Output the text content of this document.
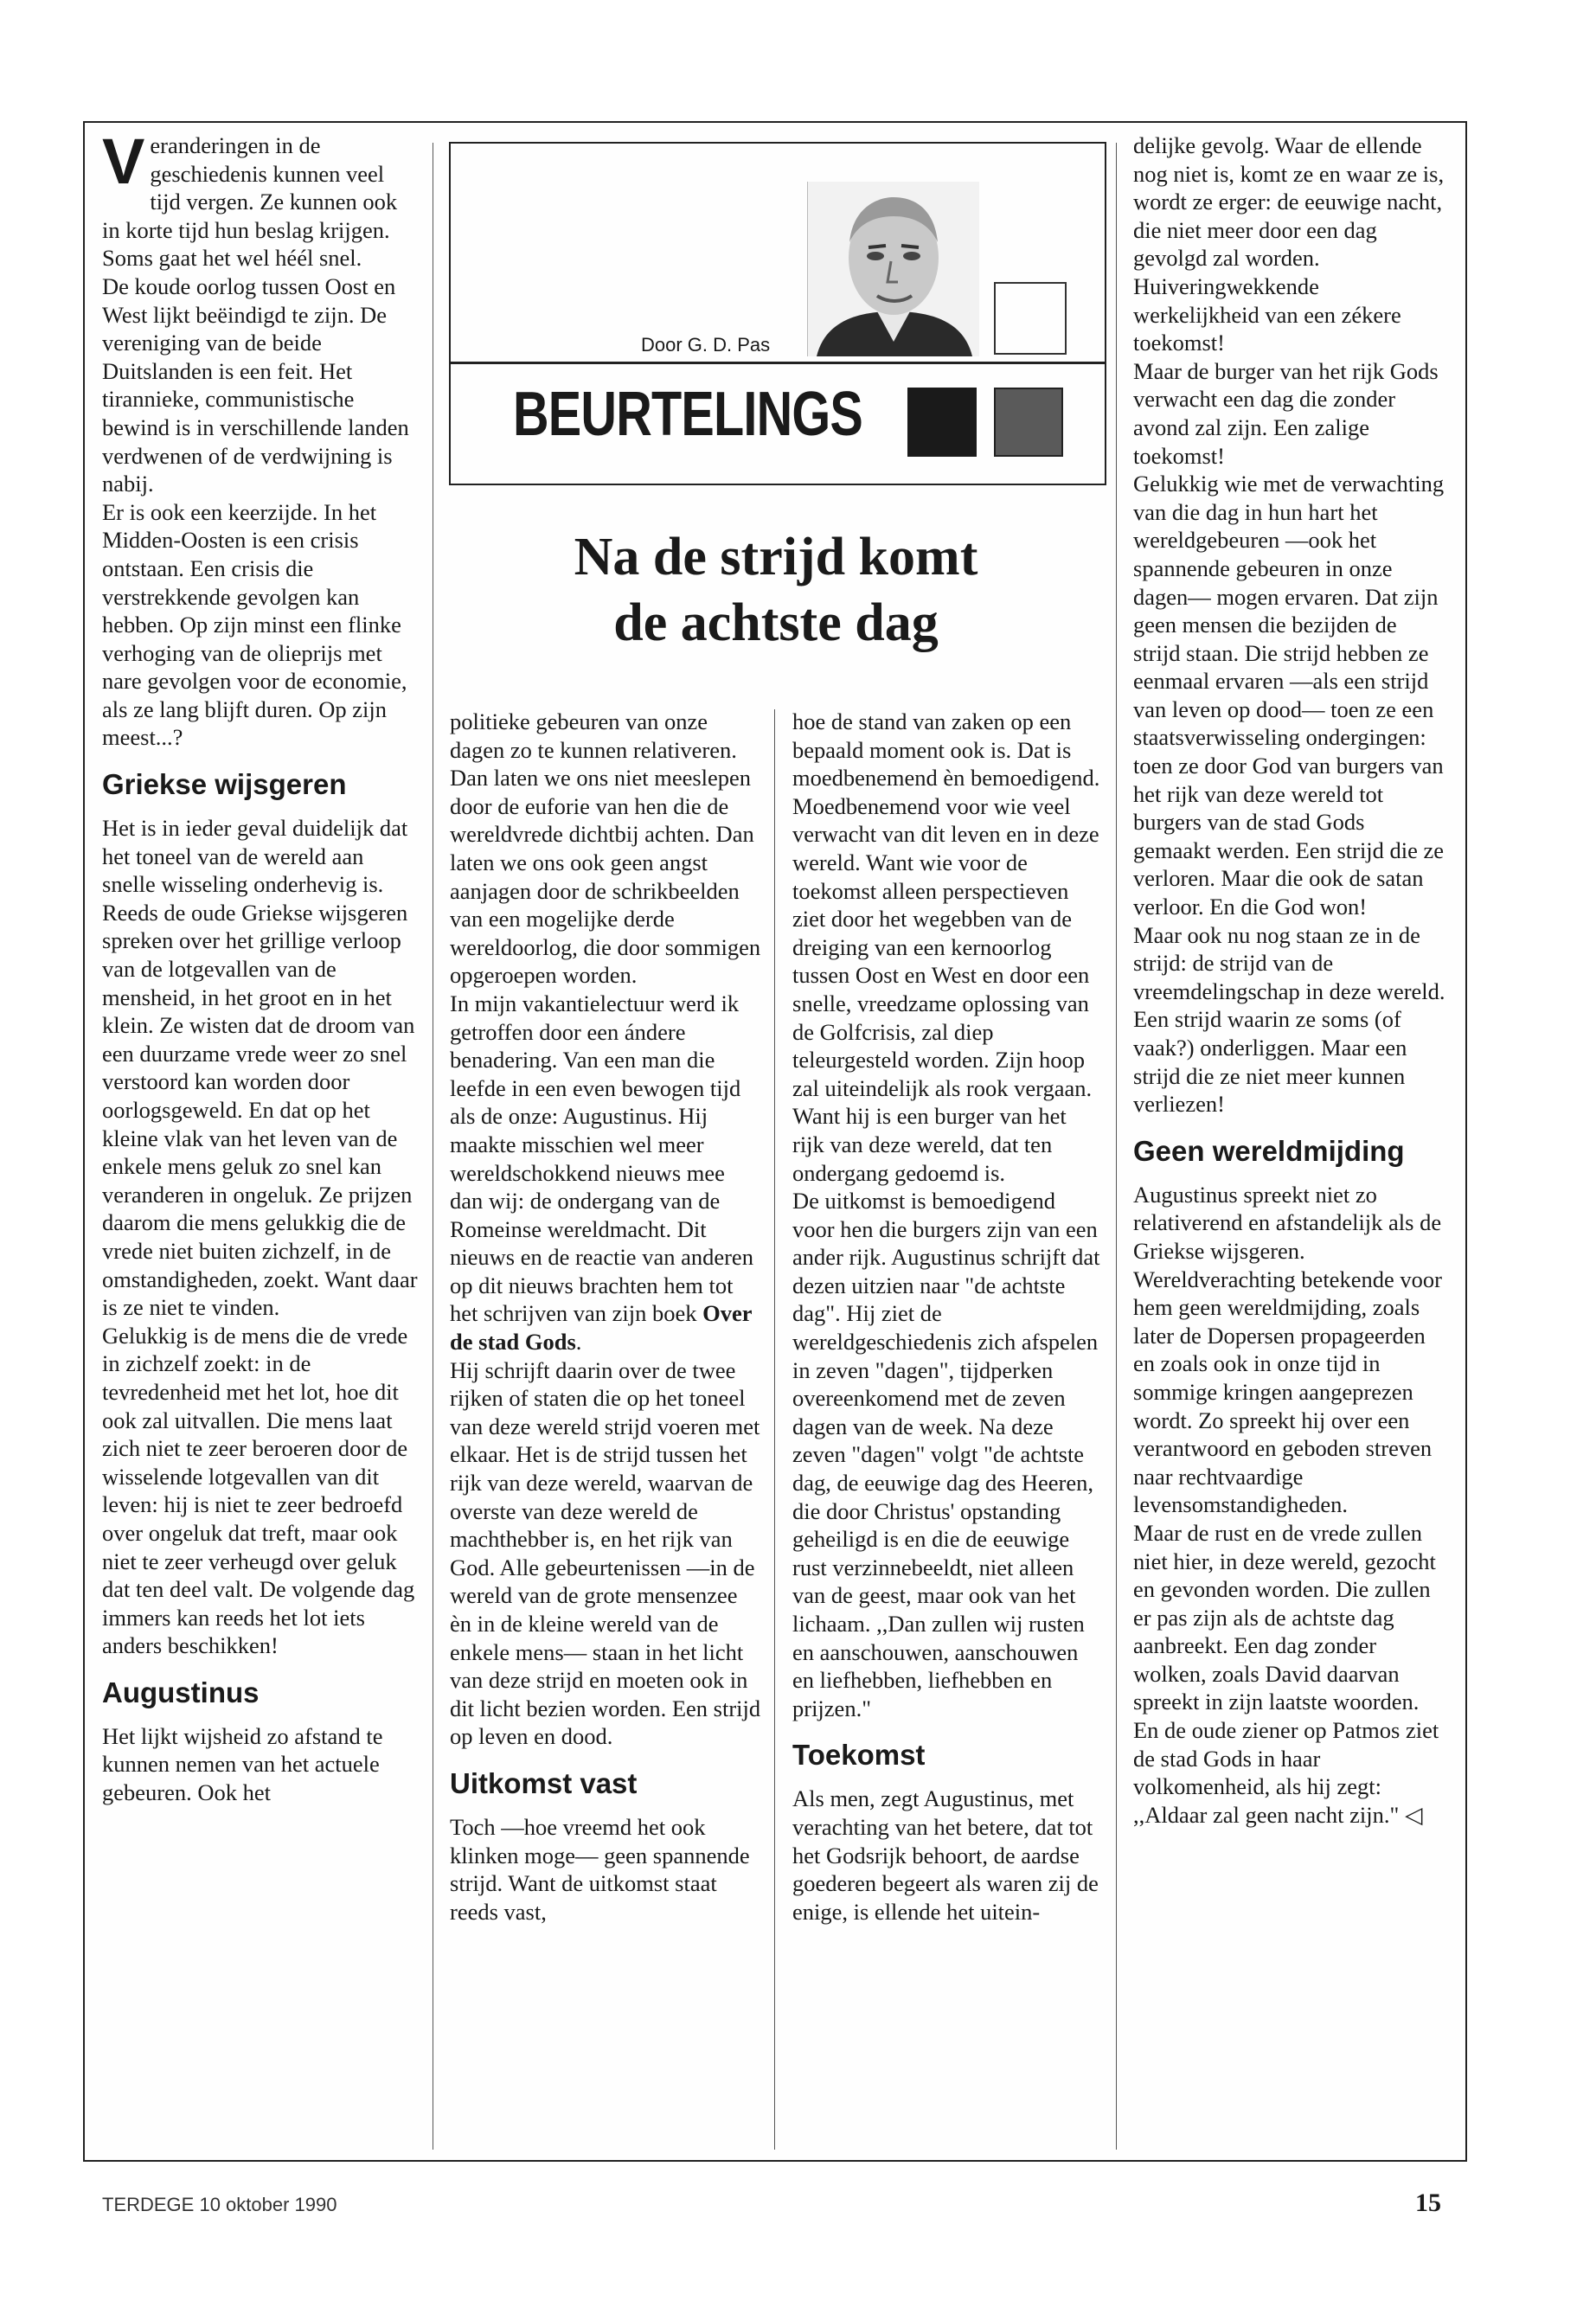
Veranderingen in de geschiedenis kunnen veel tijd vergen. Ze kunnen ook in korte tijd hun beslag krijgen. Soms gaat het wel héél snel.

De koude oorlog tussen Oost en West lijkt beëindigd te zijn. De vereniging van de beide Duitslanden is een feit. Het tirannieke, communistische bewind is in verschillende landen verdwenen of de verdwijning is nabij.

Er is ook een keerzijde. In het Midden-Oosten is een crisis ontstaan. Een crisis die verstrekkende gevolgen kan hebben. Op zijn minst een flinke verhoging van de olieprijs met nare gevolgen voor de economie, als ze lang blijft duren. Op zijn meest...?

Griekse wijsgeren

Het is in ieder geval duidelijk dat het toneel van de wereld aan snelle wisseling onderhevig is.

Reeds de oude Griekse wijsgeren spreken over het grillige verloop van de lotgevallen van de mensheid, in het groot en in het klein. Ze wisten dat de droom van een duurzame vrede weer zo snel verstoord kan worden door oorlogsgeweld. En dat op het kleine vlak van het leven van de enkele mens geluk zo snel kan veranderen in ongeluk. Ze prijzen daarom die mens gelukkig die de vrede niet buiten zichzelf, in de omstandigheden, zoekt. Want daar is ze niet te vinden.

Gelukkig is de mens die de vrede in zichzelf zoekt: in de tevredenheid met het lot, hoe dit ook zal uitvallen. Die mens laat zich niet te zeer beroeren door de wisselende lotgevallen van dit leven: hij is niet te zeer bedroefd over ongeluk dat treft, maar ook niet te zeer verheugd over geluk dat ten deel valt. De volgende dag immers kan reeds het lot iets anders beschikken!

Augustinus

Het lijkt wijsheid zo afstand te kunnen nemen van het actuele gebeuren. Ook het

Door G. D. Pas
BEURTELINGS
Na de strijd komt
de achtste dag

politieke gebeuren van onze dagen zo te kunnen relativeren. Dan laten we ons niet meeslepen door de euforie van hen die de wereldvrede dichtbij achten. Dan laten we ons ook geen angst aanjagen door de schrikbeelden van een mogelijke derde wereldoorlog, die door sommigen opgeroepen worden.

In mijn vakantielectuur werd ik getroffen door een ándere benadering. Van een man die leefde in een even bewogen tijd als de onze: Augustinus. Hij maakte misschien wel meer wereldschokkend nieuws mee dan wij: de ondergang van de Romeinse wereldmacht. Dit nieuws en de reactie van anderen op dit nieuws brachten hem tot het schrijven van zijn boek Over de stad Gods.

Hij schrijft daarin over de twee rijken of staten die op het toneel van deze wereld strijd voeren met elkaar. Het is de strijd tussen het rijk van deze wereld, waarvan de overste van deze wereld de machthebber is, en het rijk van God. Alle gebeurtenissen —in de wereld van de grote mensenzee èn in de kleine wereld van de enkele mens— staan in het licht van deze strijd en moeten ook in dit licht bezien worden. Een strijd op leven en dood.

Uitkomst vast

Toch —hoe vreemd het ook klinken moge— geen spannende strijd. Want de uitkomst staat reeds vast,

hoe de stand van zaken op een bepaald moment ook is. Dat is moedbenemend èn bemoedigend.

Moedbenemend voor wie veel verwacht van dit leven en in deze wereld. Want wie voor de toekomst alleen perspectieven ziet door het wegebben van de dreiging van een kernoorlog tussen Oost en West en door een snelle, vreedzame oplossing van de Golfcrisis, zal diep teleurgesteld worden. Zijn hoop zal uiteindelijk als rook vergaan. Want hij is een burger van het rijk van deze wereld, dat ten ondergang gedoemd is.

De uitkomst is bemoedigend voor hen die burgers zijn van een ander rijk. Augustinus schrijft dat dezen uitzien naar "de achtste dag". Hij ziet de wereldgeschiedenis zich afspelen in zeven "dagen", tijdperken overeenkomend met de zeven dagen van de week. Na deze zeven "dagen" volgt "de achtste dag, de eeuwige dag des Heeren, die door Christus' opstanding geheiligd is en die de eeuwige rust verzinnebeeldt, niet alleen van de geest, maar ook van het lichaam. ,,Dan zullen wij rusten en aanschouwen, aanschouwen en liefhebben, liefhebben en prijzen."

Toekomst

Als men, zegt Augustinus, met verachting van het betere, dat tot het Godsrijk behoort, de aardse goederen begeert als waren zij de enige, is ellende het uitein-

delijke gevolg. Waar de ellende nog niet is, komt ze en waar ze is, wordt ze erger: de eeuwige nacht, die niet meer door een dag gevolgd zal worden. Huiveringwekkende werkelijkheid van een zékere toekomst!

Maar de burger van het rijk Gods verwacht een dag die zonder avond zal zijn. Een zalige toekomst!

Gelukkig wie met de verwachting van die dag in hun hart het wereldgebeuren —ook het spannende gebeuren in onze dagen— mogen ervaren. Dat zijn geen mensen die bezijden de strijd staan. Die strijd hebben ze eenmaal ervaren —als een strijd van leven op dood— toen ze een staatsverwisseling ondergingen: toen ze door God van burgers van het rijk van deze wereld tot burgers van de stad Gods gemaakt werden. Een strijd die ze verloren. Maar die ook de satan verloor. En die God won!

Maar ook nu nog staan ze in de strijd: de strijd van de vreemdelingschap in deze wereld. Een strijd waarin ze soms (of vaak?) onderliggen. Maar een strijd die ze niet meer kunnen verliezen!

Geen wereldmijding

Augustinus spreekt niet zo relativerend en afstandelijk als de Griekse wijsgeren. Wereldverachting betekende voor hem geen wereldmijding, zoals later de Dopersen propageerden en zoals ook in onze tijd in sommige kringen aangeprezen wordt. Zo spreekt hij over een verantwoord en geboden streven naar rechtvaardige levensomstandigheden.

Maar de rust en de vrede zullen niet hier, in deze wereld, gezocht en gevonden worden. Die zullen er pas zijn als de achtste dag aanbreekt. Een dag zonder wolken, zoals David daarvan spreekt in zijn laatste woorden. En de oude ziener op Patmos ziet de stad Gods in haar volkomenheid, als hij zegt: ,,Aldaar zal geen nacht zijn." ◁

TERDEGE 10 oktober 1990	15
